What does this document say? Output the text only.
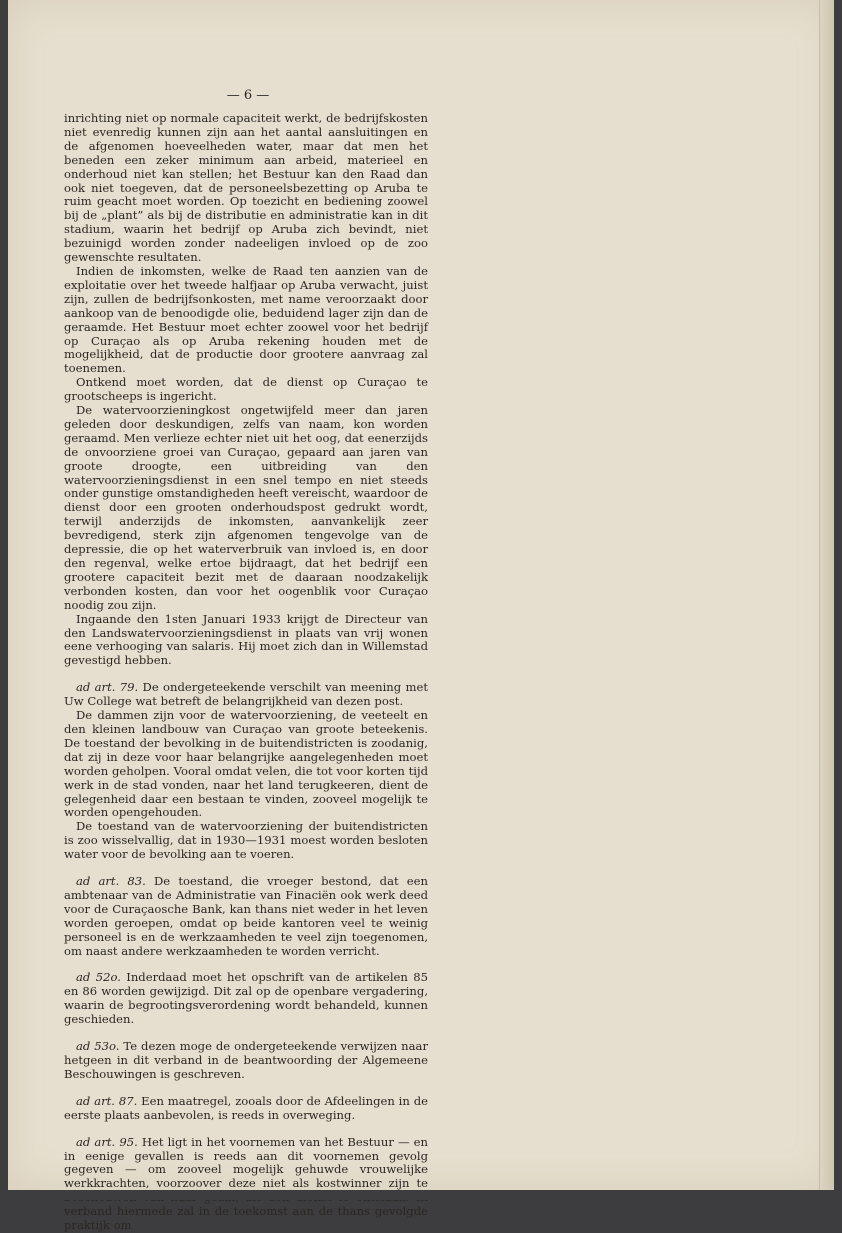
— 6 —

inrichting niet op normale capaciteit werkt, de bedrijfskosten niet evenredig kunnen zijn aan het aantal aansluitingen en de afgenomen hoeveelheden water, maar dat men het beneden een zeker minimum aan arbeid, materieel en onderhoud niet kan stellen; het Bestuur kan den Raad dan ook niet toegeven, dat de personeelsbezetting op Aruba te ruim geacht moet worden. Op toezicht en bediening zoowel bij de „plant” als bij de distributie en administratie kan in dit stadium, waarin het bedrijf op Aruba zich bevindt, niet bezuinigd worden zonder nadeeligen invloed op de zoo gewenschte resultaten.

Indien de inkomsten, welke de Raad ten aanzien van de exploitatie over het tweede halfjaar op Aruba verwacht, juist zijn, zullen de bedrijfsonkosten, met name veroorzaakt door aankoop van de benoodigde olie, beduidend lager zijn dan de geraamde. Het Bestuur moet echter zoowel voor het bedrijf op Curaçao als op Aruba rekening houden met de mogelijkheid, dat de productie door grootere aanvraag zal toenemen.

Ontkend moet worden, dat de dienst op Curaçao te grootscheeps is ingericht.

De watervoorzieningkost ongetwijfeld meer dan jaren geleden door deskundigen, zelfs van naam, kon worden geraamd. Men verlieze echter niet uit het oog, dat eenerzijds de onvoorziene groei van Curaçao, gepaard aan jaren van groote droogte, een uitbreiding van den watervoorzieningsdienst in een snel tempo en niet steeds onder gunstige omstandigheden heeft vereischt, waardoor de dienst door een grooten onderhoudspost gedrukt wordt, terwijl anderzijds de inkomsten, aanvankelijk zeer bevredigend, sterk zijn afgenomen tengevolge van de depressie, die op het waterverbruik van invloed is, en door den regenval, welke ertoe bijdraagt, dat het bedrijf een grootere capaciteit bezit met de daaraan noodzakelijk verbonden kosten, dan voor het oogenblik voor Curaçao noodig zou zijn.

Ingaande den 1sten Januari 1933 krijgt de Directeur van den Landswatervoorzieningsdienst in plaats van vrij wonen eene verhooging van salaris. Hij moet zich dan in Willemstad gevestigd hebben.

ad art. 79. De ondergeteekende verschilt van meening met Uw College wat betreft de belangrijkheid van dezen post.

De dammen zijn voor de watervoorziening, de veeteelt en den kleinen landbouw van Curaçao van groote beteekenis. De toestand der bevolking in de buitendistricten is zoodanig, dat zij in deze voor haar belangrijke aangelegenheden moet worden geholpen. Vooral omdat velen, die tot voor korten tijd werk in de stad vonden, naar het land terugkeeren, dient de gelegenheid daar een bestaan te vinden, zooveel mogelijk te worden opengehouden.

De toestand van de watervoorziening der buitendistricten is zoo wisselvallig, dat in 1930—1931 moest worden besloten water voor de bevolking aan te voeren.

ad art. 83. De toestand, die vroeger bestond, dat een ambtenaar van de Administratie van Finaciën ook werk deed voor de Curaçaosche Bank, kan thans niet weder in het leven worden geroepen, omdat op beide kantoren veel te weinig personeel is en de werkzaamheden te veel zijn toegenomen, om naast andere werkzaamheden te worden verricht.

ad 52o. Inderdaad moet het opschrift van de artikelen 85 en 86 worden gewijzigd. Dit zal op de openbare vergadering, waarin de begrootingsverordening wordt behandeld, kunnen geschieden.

ad 53o. Te dezen moge de ondergeteekende verwijzen naar hetgeen in dit verband in de beantwoording der Algemeene Beschouwingen is geschreven.

ad art. 87. Een maatregel, zooals door de Afdeelingen in de eerste plaats aanbevolen, is reeds in overweging.

ad art. 95. Het ligt in het voornemen van het Bestuur — en in eenige gevallen is reeds aan dit voornemen gevolg gegeven — om zooveel mogelijk gehuwde vrouwelijke werkkrachten, voorzoover deze niet als kostwinner zijn te verband hiermede zal in de toekomst aan de thans gevolgde praktijk om
